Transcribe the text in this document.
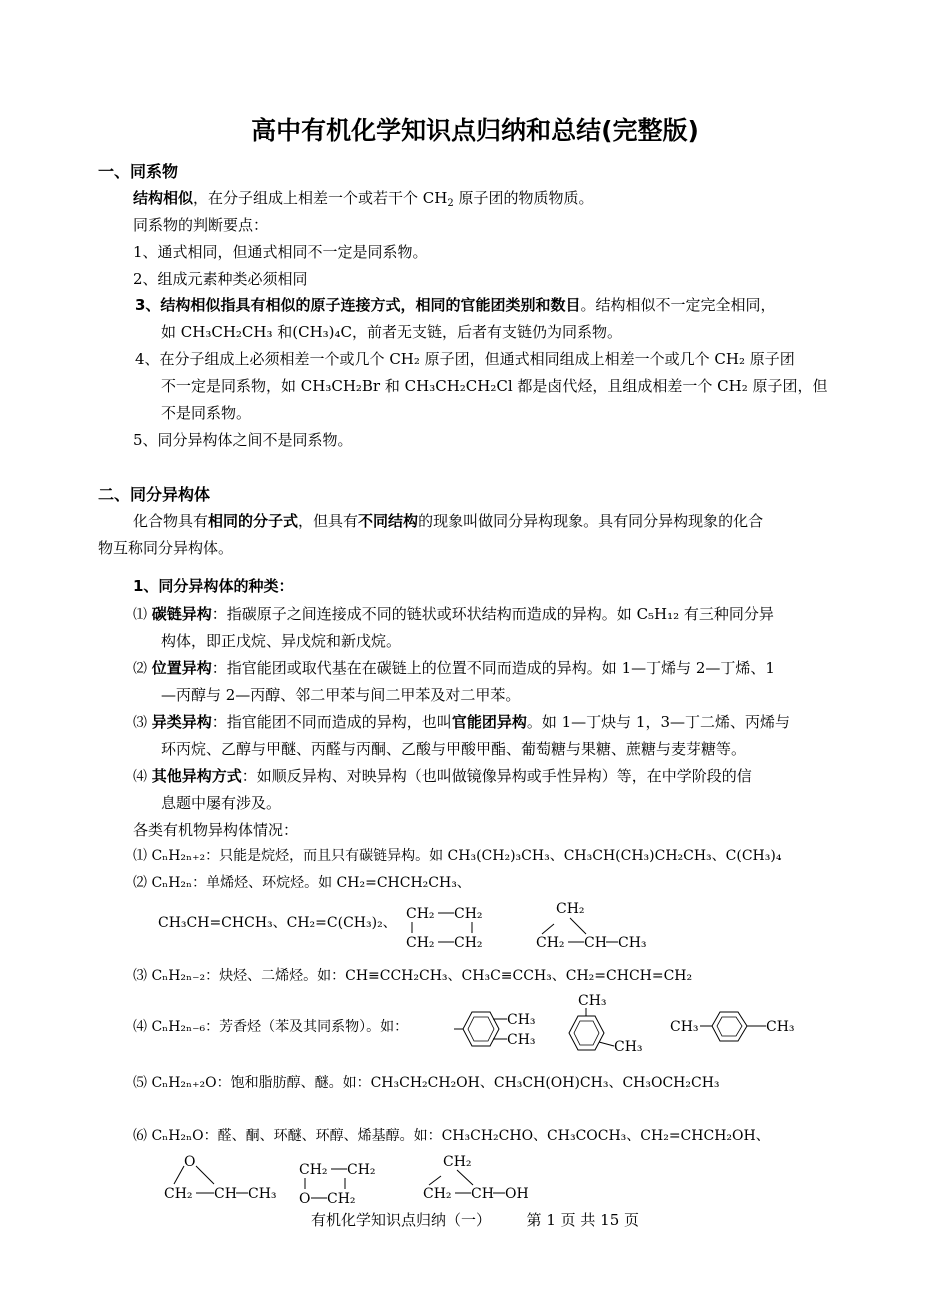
高中有机化学知识点归纳和总结(完整版)
一、同系物
结构相似，在分子组成上相差一个或若干个 $CH_2$ 原子团的物质物质。
同系物的判断要点：
1、通式相同，但通式相同不一定是同系物。
2、组成元素种类必须相同
3、结构相似指具有相似的原子连接方式，相同的官能团类别和数目。结构相似不一定完全相同，
如 CH₃CH₂CH₃ 和(CH₃)₄C，前者无支链，后者有支链仍为同系物。
4、在分子组成上必须相差一个或几个 CH₂ 原子团，但通式相同组成上相差一个或几个 CH₂ 原子团
不一定是同系物，如 CH₃CH₂Br 和 CH₃CH₂CH₂Cl 都是卤代烃，且组成相差一个 CH₂ 原子团，但
不是同系物。
5、同分异构体之间不是同系物。
二、同分异构体
化合物具有相同的分子式，但具有不同结构的现象叫做同分异构现象。具有同分异构现象的化合
物互称同分异构体。
1、同分异构体的种类：
⑴ 碳链异构：指碳原子之间连接成不同的链状或环状结构而造成的异构。如 C₅H₁₂ 有三种同分异
构体，即正戊烷、异戊烷和新戊烷。
⑵ 位置异构：指官能团或取代基在在碳链上的位置不同而造成的异构。如 1—丁烯与 2—丁烯、1
—丙醇与 2—丙醇、邻二甲苯与间二甲苯及对二甲苯。
⑶ 异类异构：指官能团不同而造成的异构，也叫官能团异构。如 1—丁炔与 1，3—丁二烯、丙烯与
环丙烷、乙醇与甲醚、丙醛与丙酮、乙酸与甲酸甲酯、葡萄糖与果糖、蔗糖与麦芽糖等。
⑷ 其他异构方式：如顺反异构、对映异构（也叫做镜像异构或手性异构）等，在中学阶段的信
息题中屡有涉及。
各类有机物异构体情况：
⑴ CₙH₂ₙ₊₂：只能是烷烃，而且只有碳链异构。如 CH₃(CH₂)₃CH₃、CH₃CH(CH₃)CH₂CH₃、C(CH₃)₄
⑵ CₙH₂ₙ：单烯烃、环烷烃。如 CH₂=CHCH₂CH₃、
CH₃CH=CHCH₃、CH₂=C(CH₃)₂、
CH₂ CH₂
CH₂ CH₂
CH₂
CH₂ CH CH₃
⑶ CₙH₂ₙ₋₂：炔烃、二烯烃。如：CH≡CCH₂CH₃、CH₃C≡CCH₃、CH₂=CHCH=CH₂
⑷ CₙH₂ₙ₋₆：芳香烃（苯及其同系物）。如：	CH₃
CH₃
CH₃
CH₃
CH₃	CH₃
⑸ CₙH₂ₙ₊₂O：饱和脂肪醇、醚。如：CH₃CH₂CH₂OH、CH₃CH(OH)CH₃、CH₃OCH₂CH₃
⑹ CₙH₂ₙO：醛、酮、环醚、环醇、烯基醇。如：CH₃CH₂CHO、CH₃COCH₃、CH₂=CHCH₂OH、
O
CH₂ CH CH₃
CH₂ CH₂
O CH₂
CH₂
CH₂ CH OH
有机化学知识点归纳（一） 第 1 页 共 15 页
